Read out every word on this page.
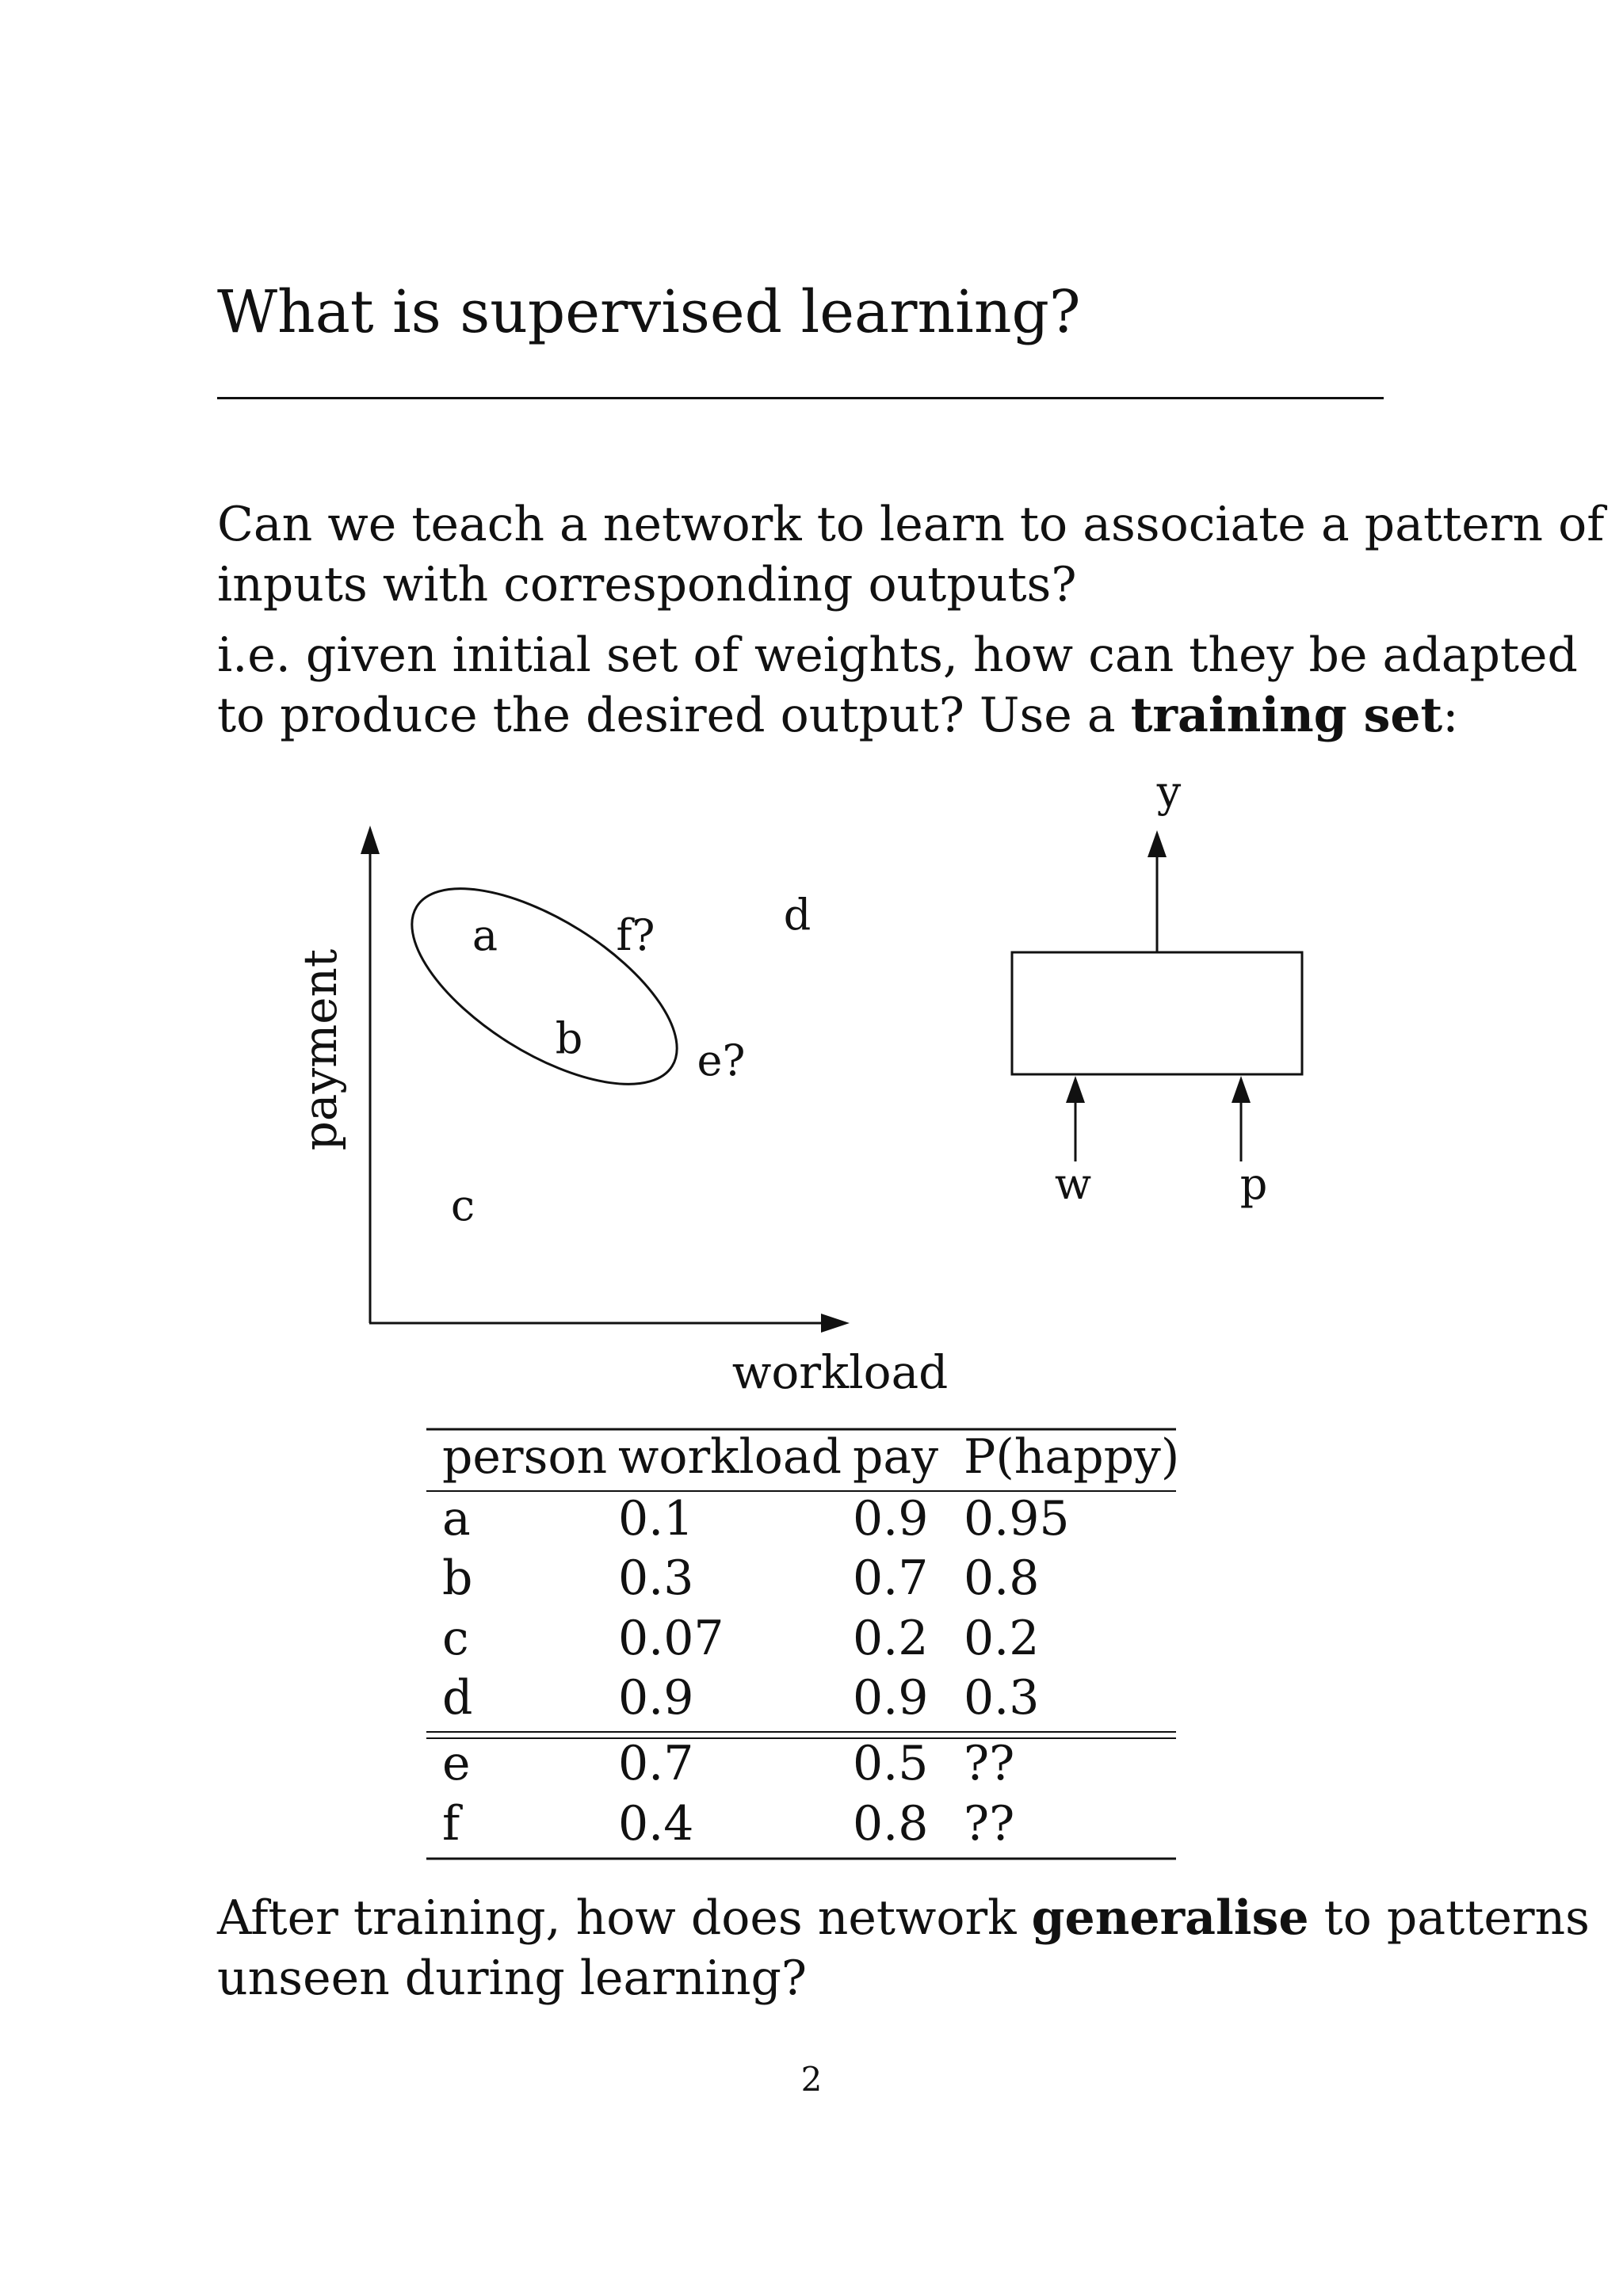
What is supervised learning?
Can we teach a network to learn to associate a pattern of
inputs with corresponding outputs?
i.e. given initial set of weights, how can they be adapted
to produce the desired output? Use a training set:
payment
workload
a
b
c
d
e?
f?
y
w	p
person workload pay P(happy)
a	0.1	0.9 0.95
b	0.3	0.7 0.8
c	0.07	0.2 0.2
d	0.9	0.9 0.3
e	0.7	0.5 ??
f	0.4	0.8 ??
After training, how does network generalise to patterns
unseen during learning?
2
